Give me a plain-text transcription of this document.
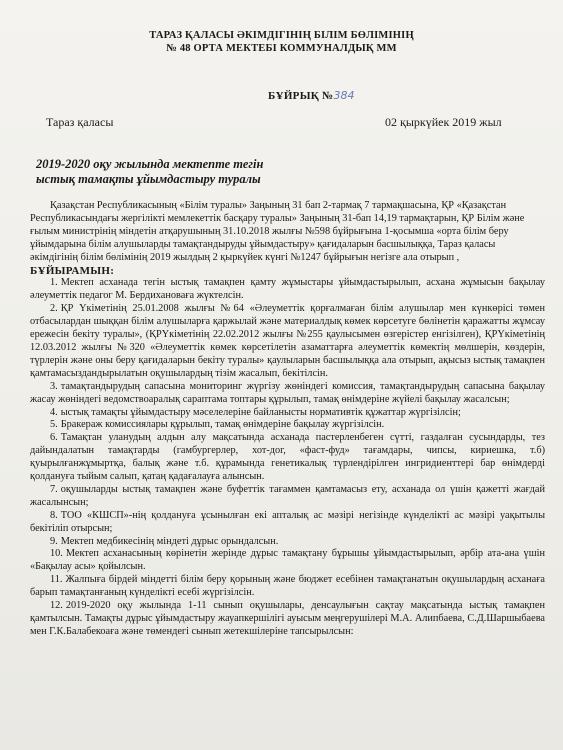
ТАРАЗ ҚАЛАСЫ ӘКІМДІГІНІҢ БІЛІМ БӨЛІМІНІҢ
№ 48 ОРТА МЕКТЕБІ КОММУНАЛДЫҚ ММ
БҰЙРЫҚ №384
Тараз қаласы	02 қыркүйек 2019 жыл
2019-2020 оқу жылында мектепте тегін
ыстық тамақты ұйымдастыру туралы

Қазақстан Республикасының «Білім туралы» Заңының 31 бап 2-тармақ 7 тармақшасына, ҚР «Қазақстан Республикасындағы жергілікті мемлекеттік басқару туралы» Заңының 31-бап 14,19 тармақтарын, ҚР Білім және ғылым министрінің міндетін атқарушының 31.10.2018 жылғы №598 бұйрығына 1-қосымша «орта білім беру ұйымдарына білім алушыларды тамақтандыруды ұйымдастыру» қағидаларын басшылыққа, Тараз қаласы әкімдігінің білім бөлімінің 2019 жылдың 2 қыркүйек күнгі №1247 бұйрығын негізге ала отырып ,

БҰЙЫРАМЫН:

1. Мектеп асханада тегін ыстық тамақпен қамту жұмыстары ұйымдастырылып, асхана жұмысын бақылау әлеуметтік педагог М. Бердихановаға жүктелсін.

2. ҚР Үкіметінің 25.01.2008 жылғы №64 «Әлеуметтік қорғалмаған білім алушылар мен күнкөрісі төмен отбасылардан шыққан білім алушыларға қаржылай және материалдық көмек көрсетуге бөлінетін қаражатты жұмсау ережесін бекіту туралы», (ҚРҮкіметінің 22.02.2012 жылғы №255 қаулысымен өзгерістер енгізілген), ҚРҮкіметінің 12.03.2012 жылғы №320 «Әлеуметтік көмек көрсетілетін азаматтарға әлеуметтік көмектің мөлшерін, көздерін, түрлерін және оны беру қағидаларын бекіту туралы» қаулыларын басшылыққа ала отырып, ақысыз ыстық тамақпен қамтамасыздандырылатын оқушылардың тізім жасалып, бекітілсін.

3. тамақтандырудың сапасына мониторинг жүргізу жөніндегі комиссия, тамақтандырудың сапасына бақылау жасау жөніндегі ведомствоаралық сараптама топтары құрылып, тамақ өнімдеріне жүйелі бақылау жасалсын;

4. ыстық тамақты ұйымдастыру мәселелеріне байланысты нормативтік құжаттар жүргізілсін;

5. Бракераж комиссиялары құрылып, тамақ өнімдеріне бақылау жүргізілсін.

6. Тамақтан уланудың алдын алу мақсатында асханада пастерленбеген сүтті, газдалған сусындарды, тез дайындалатын тамақтарды (гамбургерлер, хот-дог, «фаст-фуд» тағамдары, чипсы, кириешка, т.б) қуырылғанжұмыртқа, балық және т.б. құрамында генетикалық түрлендірілген ингридиенттері бар өнімдерді қолдануға тыйым салып, қатаң қадағалауға алынсын.

7. оқушыларды ыстық тамақпен және буфеттік тағаммен қамтамасыз ету, асханада ол үшін қажетті жағдай жасалынсын;

8. ТОО «КШСП»-нің қолдануға ұсынылған екі апталық ас мәзірі негізінде күнделікті ас мәзірі уақытылы бекітіліп отырсын;

9. Мектеп медбикесінің міндеті дұрыс орындалсын.

10. Мектеп асханасының көрінетін жерінде дұрыс тамақтану бұрышы ұйымдастырылып, әрбір ата-ана үшін «Бақылау асы» қойылсын.

11. Жалпыға бірдей міндетті білім беру қорының және бюджет есебінен тамақтанатын оқушылардың асханаға барып тамақтанғаның күнделікті есебі жүргізілсін.

12. 2019-2020 оқу жылында 1-11 сынып оқушылары, денсаулығын сақтау мақсатында ыстық тамақпен қамтылсын. Тамақты дұрыс ұйымдастыру жауапкершілігі ауысым меңгерушілері М.А. Алипбаева, С.Д.Шаршыбаева мен Г.К.Балабекоаға және төмендегі сынып жетекшілеріне тапсырылсын:
